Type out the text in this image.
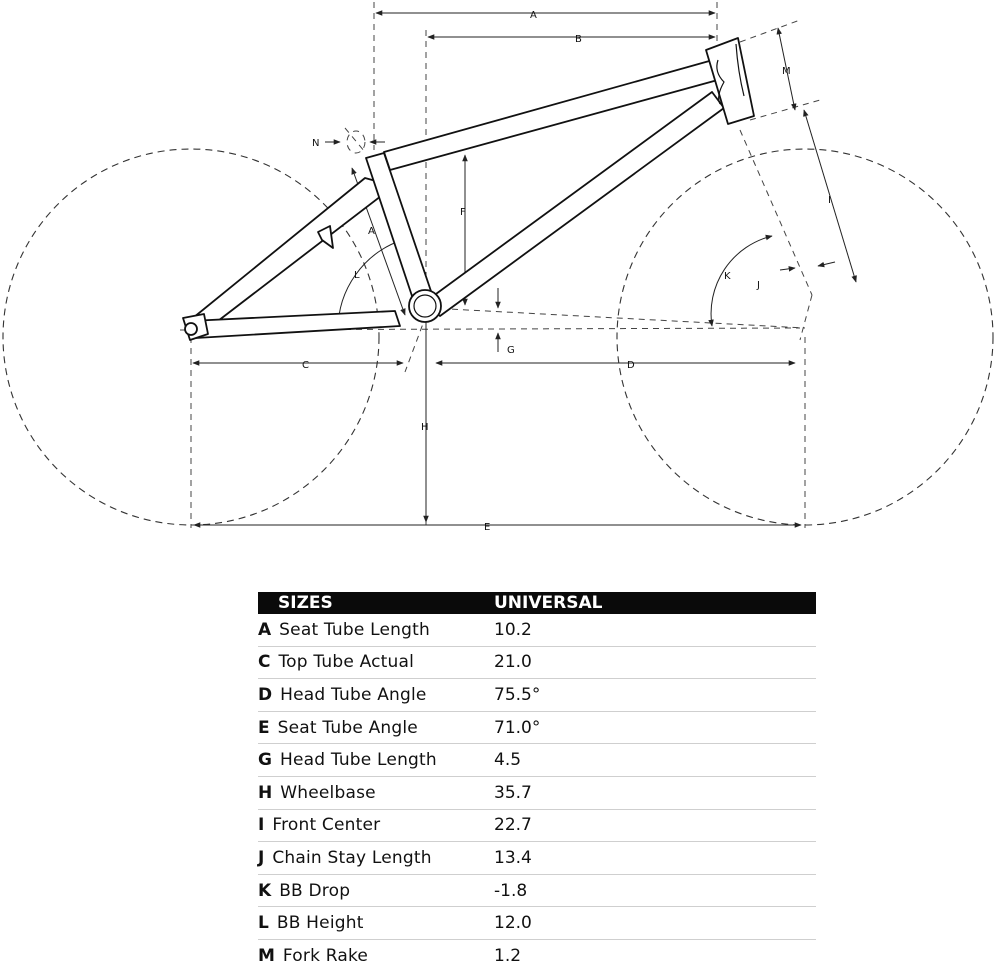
A
B
M
N
F
I
A
L	K
J
C
G
D
H
E
SIZES	UNIVERSAL
A Seat Tube Length	10.2
C Top Tube Actual	21.0
D Head Tube Angle	75.5°
E Seat Tube Angle	71.0°
G Head Tube Length	4.5
H Wheelbase	35.7
I Front Center	22.7
J Chain Stay Length	13.4
K BB Drop	-1.8
L BB Height	12.0
M Fork Rake	1.2
